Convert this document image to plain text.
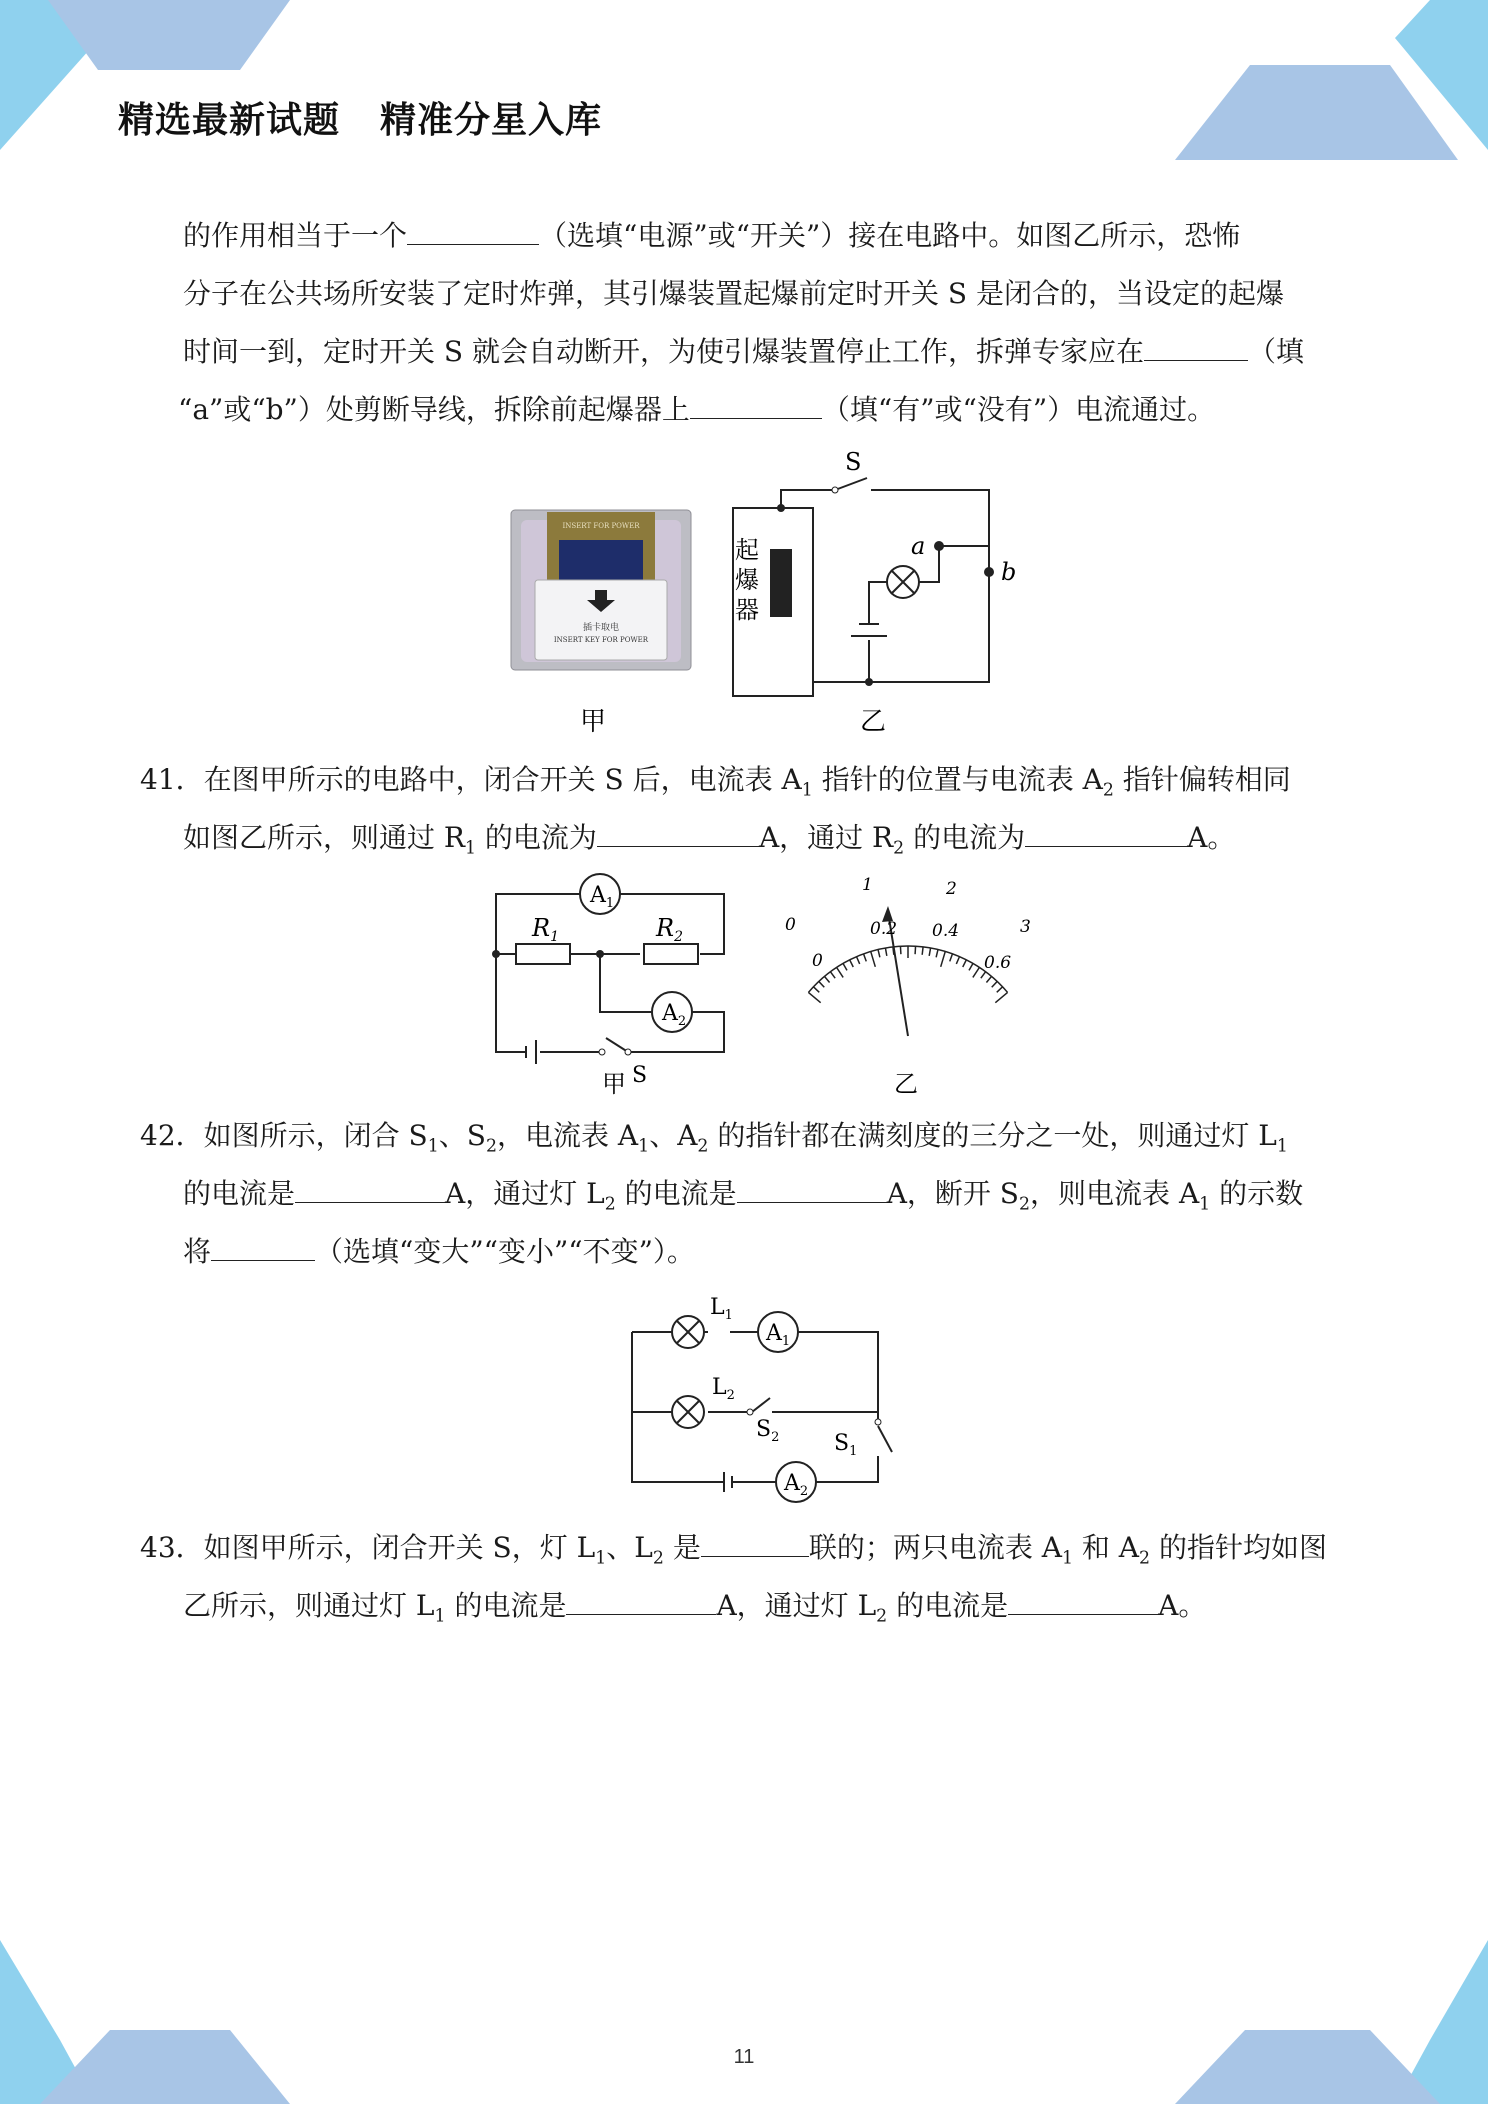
精选最新试题 精准分星入库
的作用相当于一个	（选填“电源”或“开关”）接在电路中。如图乙所示，恐怖
分子在公共场所安装了定时炸弹，其引爆装置起爆前定时开关 S 是闭合的，当设定的起爆
时间一到，定时开关 S 就会自动断开，为使引爆装置停止工作，拆弹专家应在	（填
“a”或“b”）处剪断导线，拆除前起爆器上	（填“有”或“没有”）电流通过。
INSERT FOR POWER
插卡取电
INSERT KEY FOR POWER
S
a
b
起爆器
甲	乙
41．在图甲所示的电路中，闭合开关 S 后，电流表 $A_1$ 指针的位置与电流表 $A_2$ 指针偏转相同
如图乙所示，则通过 $R_1$ 的电流为	A，通过 $R_2$ 的电流为	A。
$A_1$
$A_2$
$R_1$	$R_2$
S
甲	乙
0
1	2
3
0
0.2 0.4
0.6
42．如图所示，闭合 $S_1$、$S_2$，电流表 $A_1$、$A_2$ 的指针都在满刻度的三分之一处，则通过灯 $L_1$
的电流是	A，通过灯 $L_2$ 的电流是	A，断开 $S_2$，则电流表 $A_1$ 的示数
将	（选填“变大”“变小”“不变”）。
$L_1$
$L_2$
$A_1$
$A_2$
$S_1$
$S_2$
43．如图甲所示，闭合开关 S，灯 $L_1$、$L_2$ 是	联的；两只电流表 $A_1$ 和 $A_2$ 的指针均如图
乙所示，则通过灯 $L_1$ 的电流是	A，通过灯 $L_2$ 的电流是	A。
11
